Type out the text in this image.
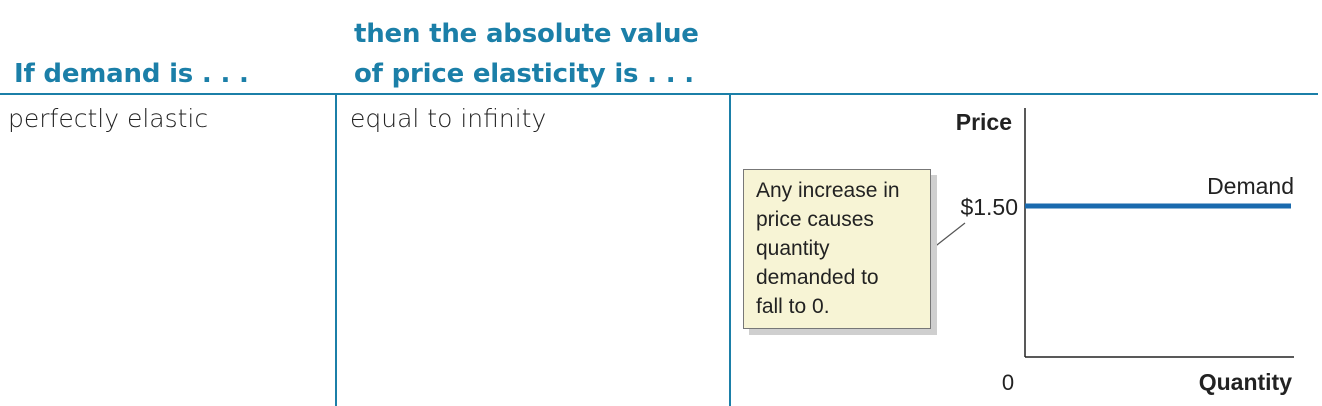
If demand is . . .
then the absolute value
of price elasticity is . . .
perfectly elastic	equal to infinity	Price
Quantity
0
$1.50
Demand
Any increase in
price causes
quantity
demanded to
fall to 0.
